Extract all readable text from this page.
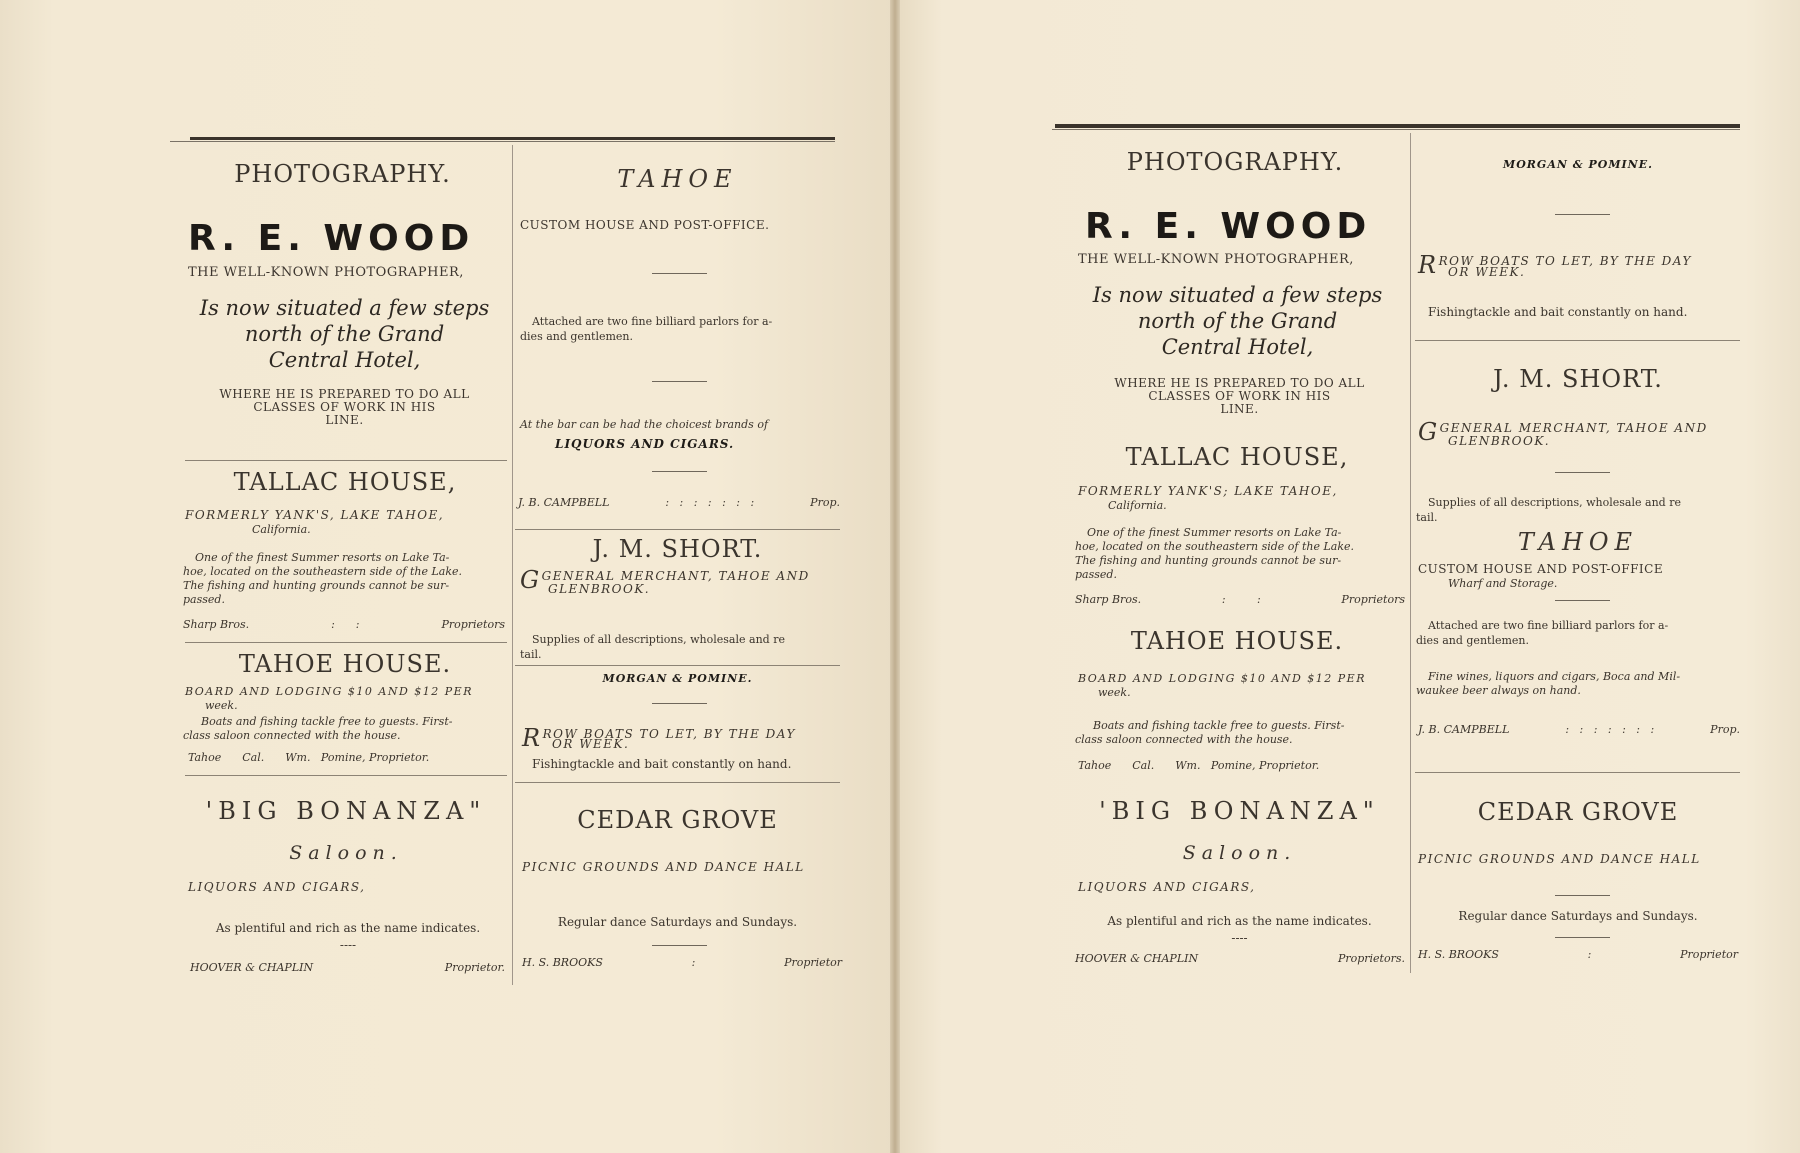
PHOTOGRAPHY.
R. E. WOOD
THE WELL-KNOWN PHOTOGRAPHER,
Is now situated a few steps
north of the Grand
Central Hotel,
WHERE HE IS PREPARED TO DO ALL
CLASSES OF WORK IN HIS
LINE.
TALLAC HOUSE,
FORMERLY YANK'S, LAKE TAHOE,
California.
One of the finest Summer resorts on Lake Ta-
hoe, located on the southeastern side of the Lake.
The fishing and hunting grounds cannot be sur-
passed.
Sharp Bros.	:      :	Proprietors
TAHOE HOUSE.
BOARD AND LODGING $10 AND $12 PER
week.
Boats and fishing tackle free to guests. First-
class saloon connected with the house.
Tahoe      Cal.      Wm.   Pomine, Proprietor.
'BIG BONANZA"
Saloon.
LIQUORS AND CIGARS,
As plentiful and rich as the name indicates.
----
HOOVER & CHAPLIN	Proprietor.
TAHOE
CUSTOM HOUSE AND POST-OFFICE.
Attached are two fine billiard parlors for a-
dies and gentlemen.
At the bar can be had the choicest brands of
LIQUORS AND CIGARS.
J. B. CAMPBELL	:   :   :   :   :   :   :	Prop.
J. M. SHORT.
GGENERAL MERCHANT, TAHOE AND
GLENBROOK.
Supplies of all descriptions, wholesale and re
tail.
MORGAN & POMINE.
RROW BOATS TO LET, BY THE DAY
OR WEEK.
Fishingtackle and bait constantly on hand.
CEDAR GROVE
PICNIC GROUNDS AND DANCE HALL
Regular dance Saturdays and Sundays.
H. S. BROOKS	:	Proprietor
PHOTOGRAPHY.
R. E. WOOD
THE WELL-KNOWN PHOTOGRAPHER,
Is now situated a few steps
north of the Grand
Central Hotel,
WHERE HE IS PREPARED TO DO ALL
CLASSES OF WORK IN HIS
LINE.
TALLAC HOUSE,
FORMERLY YANK'S; LAKE TAHOE,
California.
One of the finest Summer resorts on Lake Ta-
hoe, located on the southeastern side of the Lake.
The fishing and hunting grounds cannot be sur-
passed.
Sharp Bros.	:         :	Proprietors
TAHOE HOUSE.
BOARD AND LODGING $10 AND $12 PER
week.
Boats and fishing tackle free to guests. First-
class saloon connected with the house.
Tahoe      Cal.      Wm.   Pomine, Proprietor.
'BIG BONANZA"
Saloon.
LIQUORS AND CIGARS,
As plentiful and rich as the name indicates.
----
HOOVER & CHAPLIN	Proprietors.
MORGAN & POMINE.
RROW BOATS TO LET, BY THE DAY
OR WEEK.
Fishingtackle and bait constantly on hand.
J. M. SHORT.
GGENERAL MERCHANT, TAHOE AND
GLENBROOK.
Supplies of all descriptions, wholesale and re
tail.
TAHOE
CUSTOM HOUSE AND POST-OFFICE
Wharf and Storage.
Attached are two fine billiard parlors for a-
dies and gentlemen.
Fine wines, liquors and cigars, Boca and Mil-
waukee beer always on hand.
J. B. CAMPBELL	:   :   :   :   :   :   :	Prop.
CEDAR GROVE
PICNIC GROUNDS AND DANCE HALL
Regular dance Saturdays and Sundays.
H. S. BROOKS	:	Proprietor
